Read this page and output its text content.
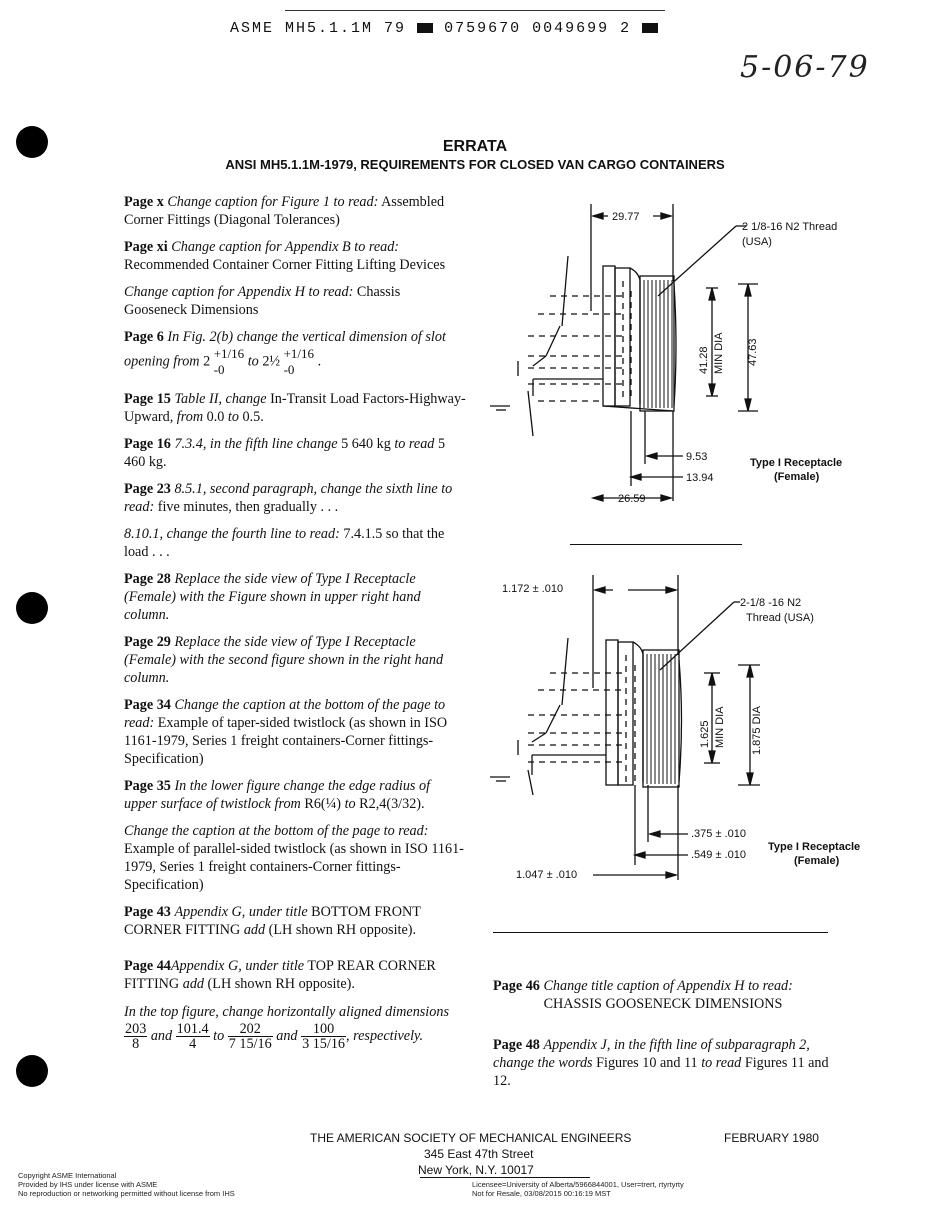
ASME MH5.1.1M 79	0759670 0049699 2
5-06-79
ERRATA
ANSI MH5.1.1M-1979, REQUIREMENTS FOR CLOSED VAN CARGO CONTAINERS

Page x Change caption for Figure 1 to read: Assembled Corner Fittings (Diagonal Tolerances)

Page xi Change caption for Appendix B to read: Recommended Container Corner Fitting Lifting Devices

Change caption for Appendix H to read: Chassis Gooseneck Dimensions

Page 6 In Fig. 2(b) change the vertical dimension of slot opening from 2 +1/16
-0
to 2½ +1/16
-0
.

Page 15 Table II, change In-Transit Load Factors-Highway-Upward, from 0.0 to 0.5.

Page 16 7.3.4, in the fifth line change 5 640 kg to read 5 460 kg.

Page 23 8.5.1, second paragraph, change the sixth line to read: five minutes, then gradually . . .

8.10.1, change the fourth line to read: 7.4.1.5 so that the load . . .

Page 28 Replace the side view of Type I Receptacle (Female) with the Figure shown in upper right hand column.

Page 29 Replace the side view of Type I Receptacle (Female) with the second figure shown in the right hand column.

Page 34 Change the caption at the bottom of the page to read: Example of taper-sided twistlock (as shown in ISO 1161-1979, Series 1 freight containers-Corner fittings-Specification)

Page 35 In the lower figure change the edge radius of upper surface of twistlock from R6(¼) to R2,4(3/32).

Change the caption at the bottom of the page to read: Example of parallel-sided twistlock (as shown in ISO 1161-1979, Series 1 freight containers-Corner fittings-Specification)

Page 43 Appendix G, under title BOTTOM FRONT CORNER FITTING add (LH shown RH opposite).

Page 44Appendix G, under title TOP REAR CORNER FITTING add (LH shown RH opposite).

In the top figure, change horizontally aligned dimensions
$\frac{203}{8}$ and $\frac{101.4}{4}$ to $\frac{202}{7 15/16}$ and $\frac{100}{3 15/16}$ , respectively.

29.77
2 1/8-16 N2 Thread
(USA)
41.28 MIN DIA 47.63
9.53
13.94
26.59
Type I Receptacle
(Female)
1.172 ± .010
2-1/8 -16 N2
Thread (USA)
1.625 MIN DIA 1.875 DIA
.375 ± .010
.549 ± .010
1.047 ± .010
Type I Receptacle
(Female)
Page 46 Change title caption of Appendix H to read:

CHASSIS GOOSENECK DIMENSIONS
Page 48 Appendix J, in the fifth line of subparagraph 2, change the words Figures 10 and 11 to read Figures 11 and 12.
THE AMERICAN SOCIETY OF MECHANICAL ENGINEERS	FEBRUARY 1980
345 East 47th Street
New York, N.Y. 10017
Copyright ASME International
Provided by IHS under license with ASME
No reproduction or networking permitted without license from IHS
Licensee=University of Alberta/5966844001, User=trert, rtyrtyrty
Not for Resale, 03/08/2015 00:16:19 MST
